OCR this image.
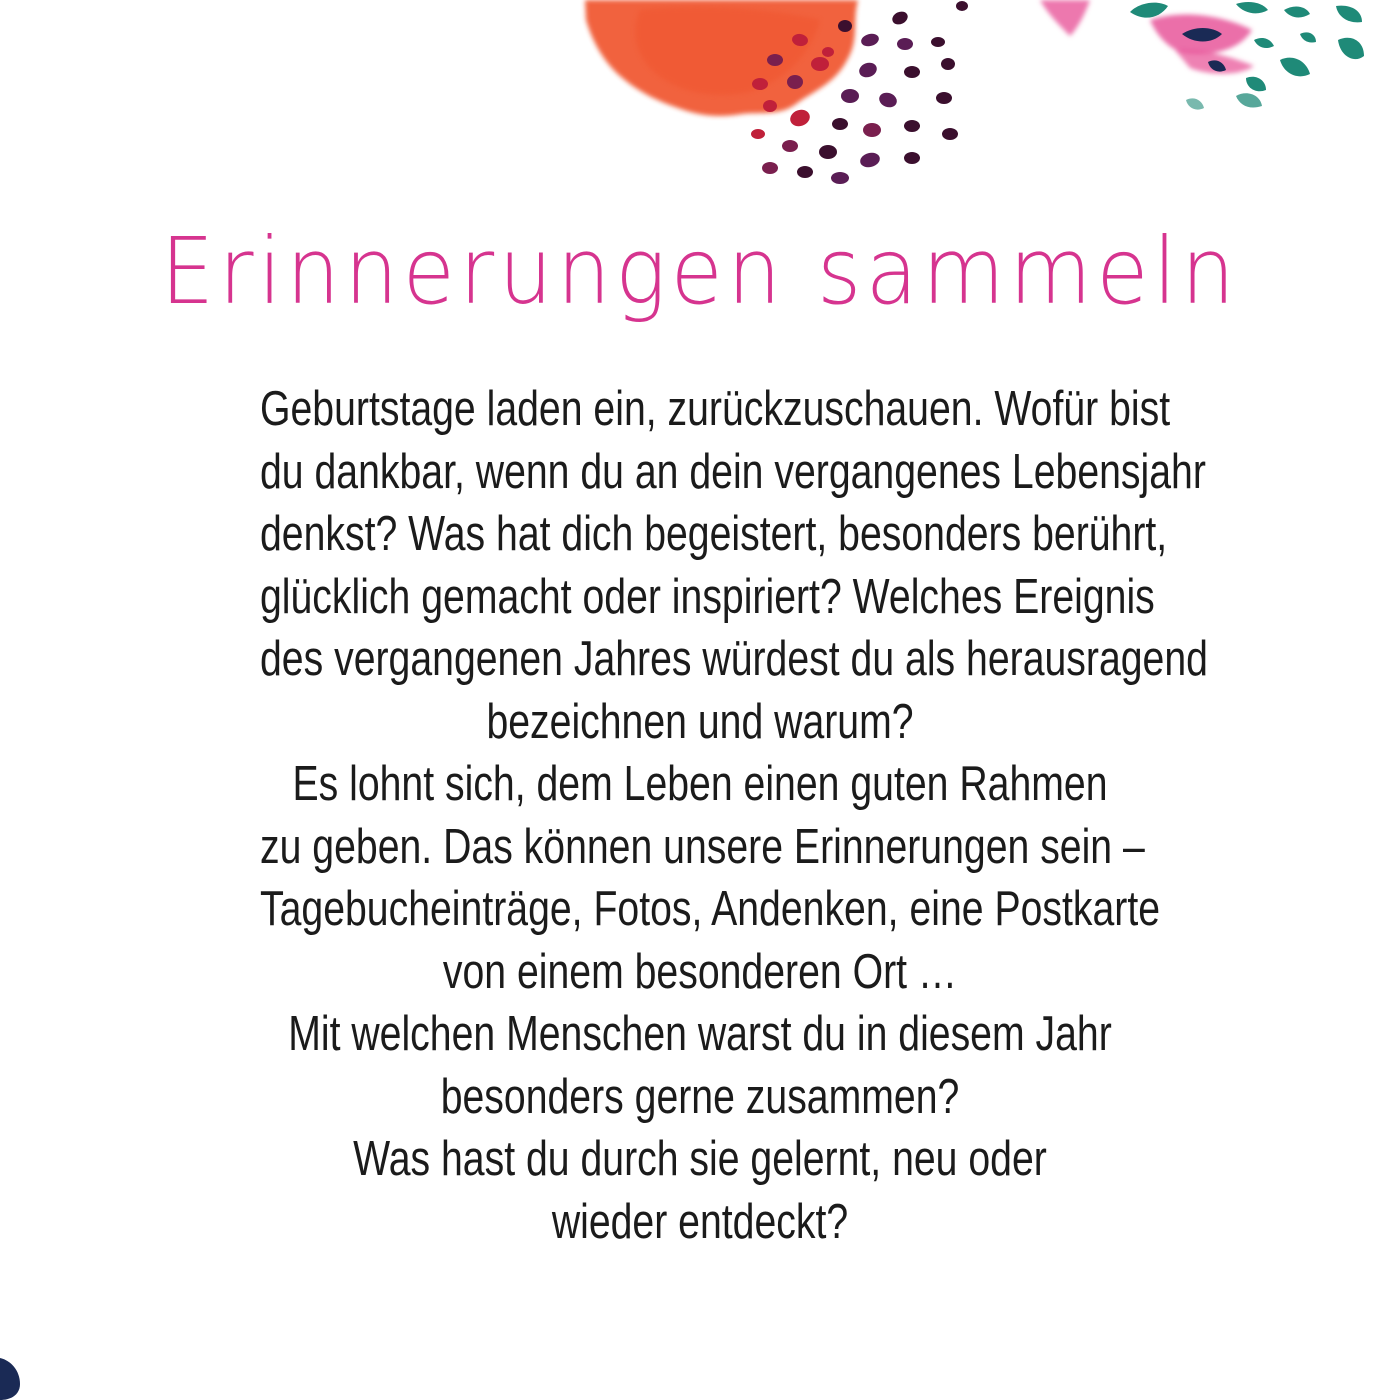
Erinnerungen sammeln
Geburtstage laden ein, zurückzuschauen. Wofür bist
du dankbar, wenn du an dein vergangenes Lebensjahr
denkst? Was hat dich begeistert, besonders berührt,
glücklich gemacht oder inspiriert? Welches Ereignis
des vergangenen Jahres würdest du als herausragend
bezeichnen und warum?
Es lohnt sich, dem Leben einen guten Rahmen
zu geben. Das können unsere Erinnerungen sein –
Tagebucheinträge, Fotos, Andenken, eine Postkarte
von einem besonderen Ort …
Mit welchen Menschen warst du in diesem Jahr
besonders gerne zusammen?
Was hast du durch sie gelernt, neu oder
wieder entdeckt?
